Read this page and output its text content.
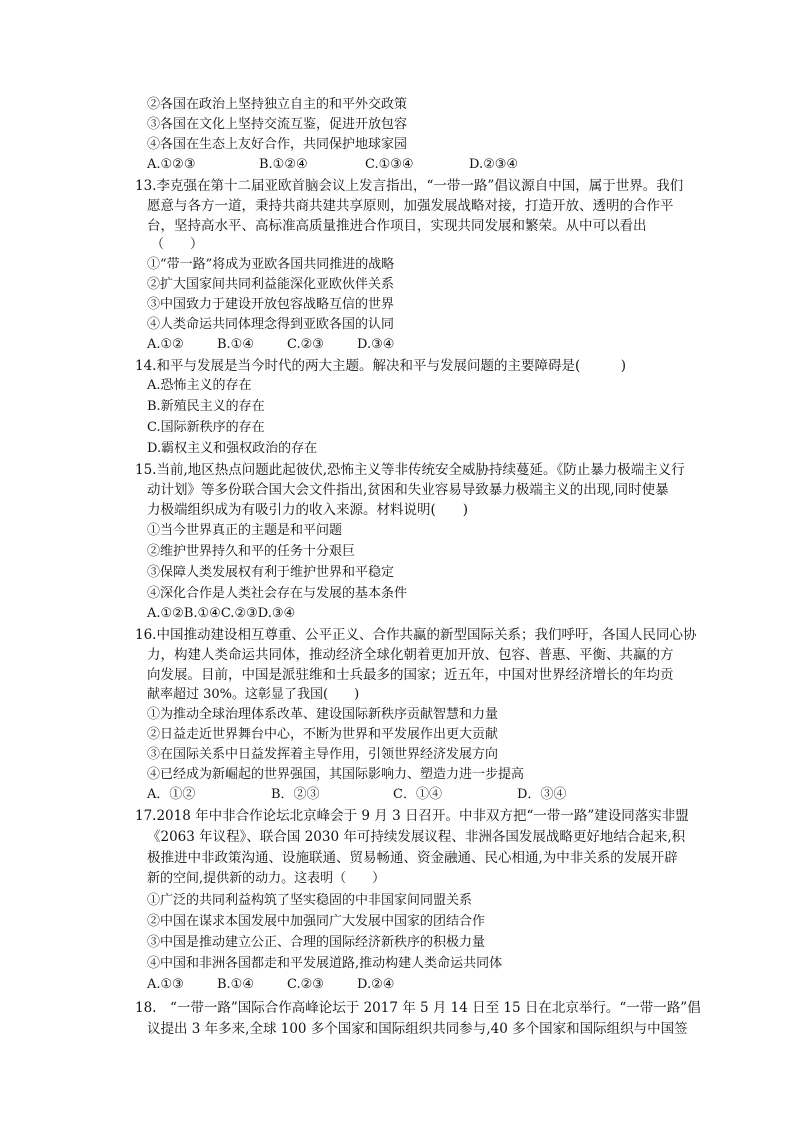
②各国在政治上坚持独立自主的和平外交政策
③各国在文化上坚持交流互鉴，促进开放包容
④各国在生态上友好合作，共同保护地球家园
A.①②③	B.①②④	C.①③④	D.②③④
13.李克强在第十二届亚欧首脑会议上发言指出，“一带一路”倡议源自中国，属于世界。我们
愿意与各方一道，秉持共商共建共享原则，加强发展战略对接，打造开放、透明的合作平
台，坚持高水平、高标准高质量推进合作项目，实现共同发展和繁荣。从中可以看出
（　　）
①“带一路”将成为亚欧各国共同推进的战略
②扩大国家间共同利益能深化亚欧伙伴关系
③中国致力于建设开放包容战略互信的世界
④人类命运共同体理念得到亚欧各国的认同
A.①②	B.①④	C.②③	D.③④
14.和平与发展是当今时代的两大主题。解决和平与发展问题的主要障碍是(　　　)
A.恐怖主义的存在
B.新殖民主义的存在
C.国际新秩序的存在
D.霸权主义和强权政治的存在
15.当前,地区热点问题此起彼伏,恐怖主义等非传统安全威胁持续蔓延。《防止暴力极端主义行
动计划》等多份联合国大会文件指出,贫困和失业容易导致暴力极端主义的出现,同时使暴
力极端组织成为有吸引力的收入来源。材料说明(　　)
①当今世界真正的主题是和平问题
②维护世界持久和平的任务十分艰巨
③保障人类发展权有利于维护世界和平稳定
④深化合作是人类社会存在与发展的基本条件
A.①②B.①④C.②③D.③④
16.中国推动建设相互尊重、公平正义、合作共赢的新型国际关系；我们呼吁，各国人民同心协
力，构建人类命运共同体，推动经济全球化朝着更加开放、包容、普惠、平衡、共赢的方
向发展。目前，中国是派驻维和士兵最多的国家；近五年，中国对世界经济增长的年均贡
献率超过 30%。这彰显了我国(　　)
①为推动全球治理体系改革、建设国际新秩序贡献智慧和力量
②日益走近世界舞台中心，不断为世界和平发展作出更大贡献
③在国际关系中日益发挥着主导作用，引领世界经济发展方向
④已经成为新崛起的世界强国，其国际影响力、塑造力进一步提高
A．①②	B．②③	C．①④	D．③④
17.2018 年中非合作论坛北京峰会于 9 月 3 日召开。中非双方把“一带一路”建设同落实非盟
《2063 年议程》、联合国 2030 年可持续发展议程、非洲各国发展战略更好地结合起来,积
极推进中非政策沟通、设施联通、贸易畅通、资金融通、民心相通,为中非关系的发展开辟
新的空间,提供新的动力。这表明（　　）
①广泛的共同利益构筑了坚实稳固的中非国家间同盟关系
②中国在谋求本国发展中加强同广大发展中国家的团结合作
③中国是推动建立公正、合理的国际经济新秩序的积极力量
④中国和非洲各国都走和平发展道路,推动构建人类命运共同体
A.①③	B.①④	C.②③	D.②④
18.　“一带一路”国际合作高峰论坛于 2017 年 5 月 14 日至 15 日在北京举行。“一带一路”倡
议提出 3 年多来,全球 100 多个国家和国际组织共同参与,40 多个国家和国际组织与中国签
